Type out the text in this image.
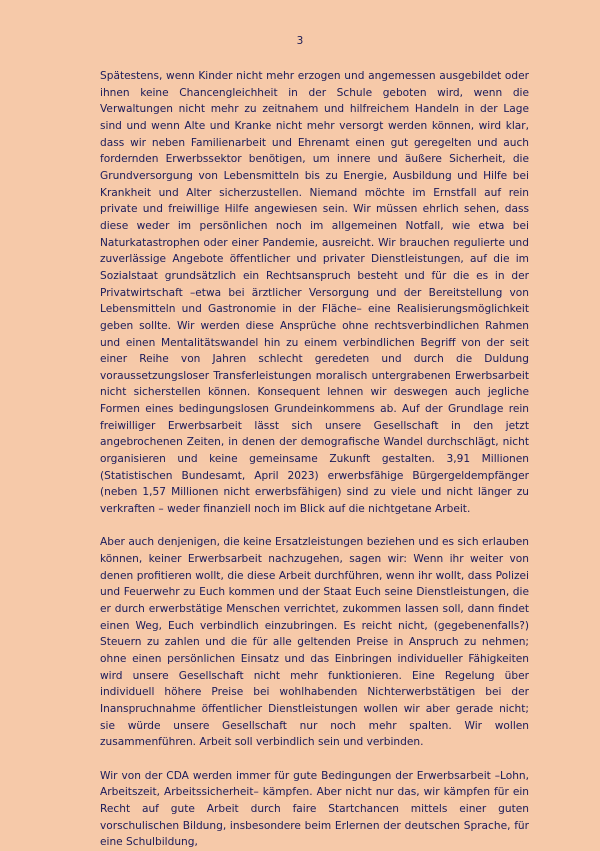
3

Spätestens, wenn Kinder nicht mehr erzogen und angemessen ausgebildet oder ihnen keine Chancengleichheit in der Schule geboten wird, wenn die Verwaltungen nicht mehr zu zeitnahem und hilfreichem Handeln in der Lage sind und wenn Alte und Kranke nicht mehr versorgt werden können, wird klar, dass wir neben Familienarbeit und Ehrenamt einen gut geregelten und auch fordernden Erwerbssektor benötigen, um innere und äußere Sicherheit, die Grundversorgung von Lebensmitteln bis zu Energie, Ausbildung und Hilfe bei Krankheit und Alter sicherzustellen. Niemand möchte im Ernstfall auf rein private und freiwillige Hilfe angewiesen sein. Wir müssen ehrlich sehen, dass diese weder im persönlichen noch im allgemeinen Notfall, wie etwa bei Naturkatastrophen oder einer Pandemie, ausreicht. Wir brauchen regulierte und zuverlässige Angebote öffentlicher und privater Dienstleistungen, auf die im Sozialstaat grundsätzlich ein Rechtsanspruch besteht und für die es in der Privatwirtschaft –etwa bei ärztlicher Versorgung und der Bereitstellung von Lebensmitteln und Gastronomie in der Fläche– eine Realisierungsmöglichkeit geben sollte. Wir werden diese Ansprüche ohne rechtsverbindlichen Rahmen und einen Mentalitätswandel hin zu einem verbindlichen Begriff von der seit einer Reihe von Jahren schlecht geredeten und durch die Duldung voraussetzungsloser Transferleistungen moralisch untergrabenen Erwerbsarbeit nicht sicherstellen können. Konsequent lehnen wir deswegen auch jegliche Formen eines bedingungslosen Grundeinkommens ab. Auf der Grundlage rein freiwilliger Erwerbsarbeit lässt sich unsere Gesellschaft in den jetzt angebrochenen Zeiten, in denen der demografische Wandel durchschlägt, nicht organisieren und keine gemeinsame Zukunft gestalten. 3,91 Millionen (Statistischen Bundesamt, April 2023) erwerbsfähige Bürgergeldempfänger (neben 1,57 Millionen nicht erwerbsfähigen) sind zu viele und nicht länger zu verkraften – weder finanziell noch im Blick auf die nichtgetane Arbeit.

Aber auch denjenigen, die keine Ersatzleistungen beziehen und es sich erlauben können, keiner Erwerbsarbeit nachzugehen, sagen wir: Wenn ihr weiter von denen profitieren wollt, die diese Arbeit durchführen, wenn ihr wollt, dass Polizei und Feuerwehr zu Euch kommen und der Staat Euch seine Dienstleistungen, die er durch erwerbstätige Menschen verrichtet, zukommen lassen soll, dann findet einen Weg, Euch verbindlich einzubringen. Es reicht nicht, (gegebenenfalls?) Steuern zu zahlen und die für alle geltenden Preise in Anspruch zu nehmen; ohne einen persönlichen Einsatz und das Einbringen individueller Fähigkeiten wird unsere Gesellschaft nicht mehr funktionieren. Eine Regelung über individuell höhere Preise bei wohlhabenden Nichterwerbstätigen bei der Inanspruchnahme öffentlicher Dienstleistungen wollen wir aber gerade nicht; sie würde unsere Gesellschaft nur noch mehr spalten. Wir wollen zusammenführen. Arbeit soll verbindlich sein und verbinden.

Wir von der CDA werden immer für gute Bedingungen der Erwerbsarbeit –Lohn, Arbeitszeit, Arbeitssicherheit– kämpfen. Aber nicht nur das, wir kämpfen für ein Recht auf gute Arbeit durch faire Startchancen mittels einer guten vorschulischen Bildung, insbesondere beim Erlernen der deutschen Sprache, für eine Schulbildung,
